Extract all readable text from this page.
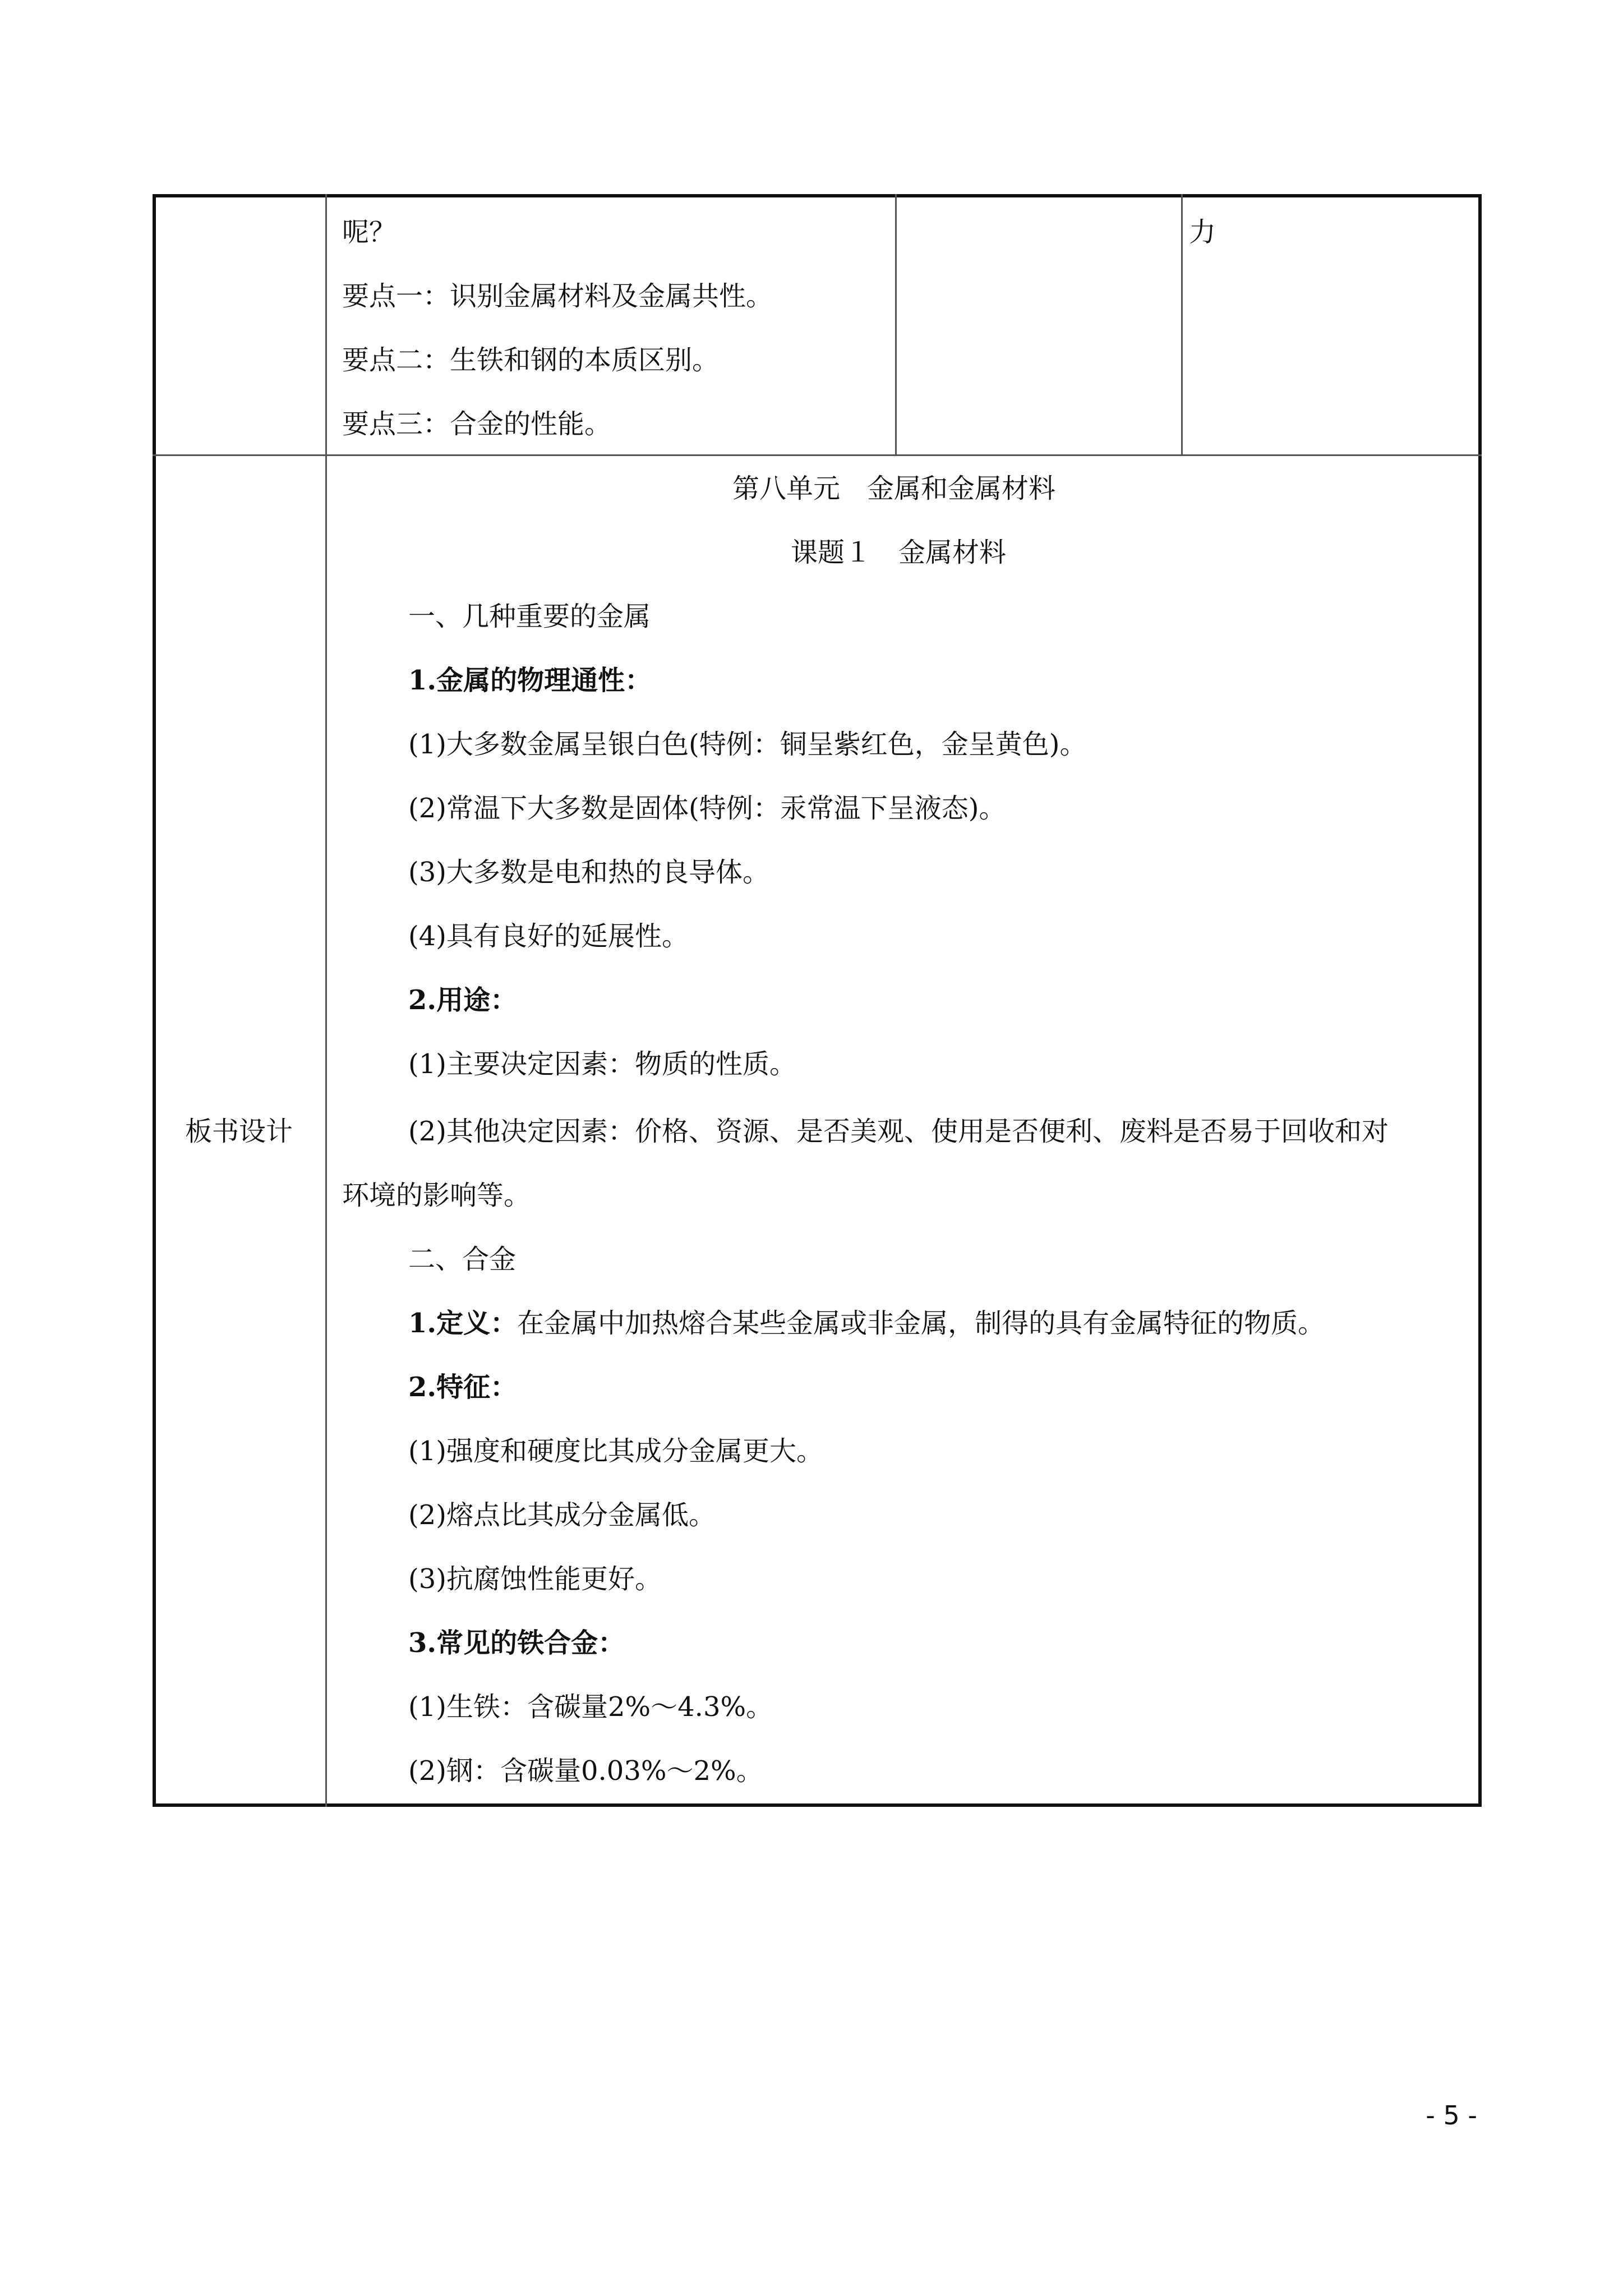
呢？
要点一：识别金属材料及金属共性。
要点二：生铁和钢的本质区别。
要点三：合金的性能。
力
板书设计
第八单元　金属和金属材料
课题１　金属材料
一、几种重要的金属
1.金属的物理通性：
(1)大多数金属呈银白色(特例：铜呈紫红色，金呈黄色)。
(2)常温下大多数是固体(特例：汞常温下呈液态)。
(3)大多数是电和热的良导体。
(4)具有良好的延展性。
2.用途：
(1)主要决定因素：物质的性质。
(2)其他决定因素：价格、资源、是否美观、使用是否便利、废料是否易于回收和对
环境的影响等。
二、合金
1.定义：在金属中加热熔合某些金属或非金属，制得的具有金属特征的物质。
2.特征：
(1)强度和硬度比其成分金属更大。
(2)熔点比其成分金属低。
(3)抗腐蚀性能更好。
3.常见的铁合金：
(1)生铁：含碳量2%～4.3%。
(2)钢：含碳量0.03%～2%。
- 5 -
